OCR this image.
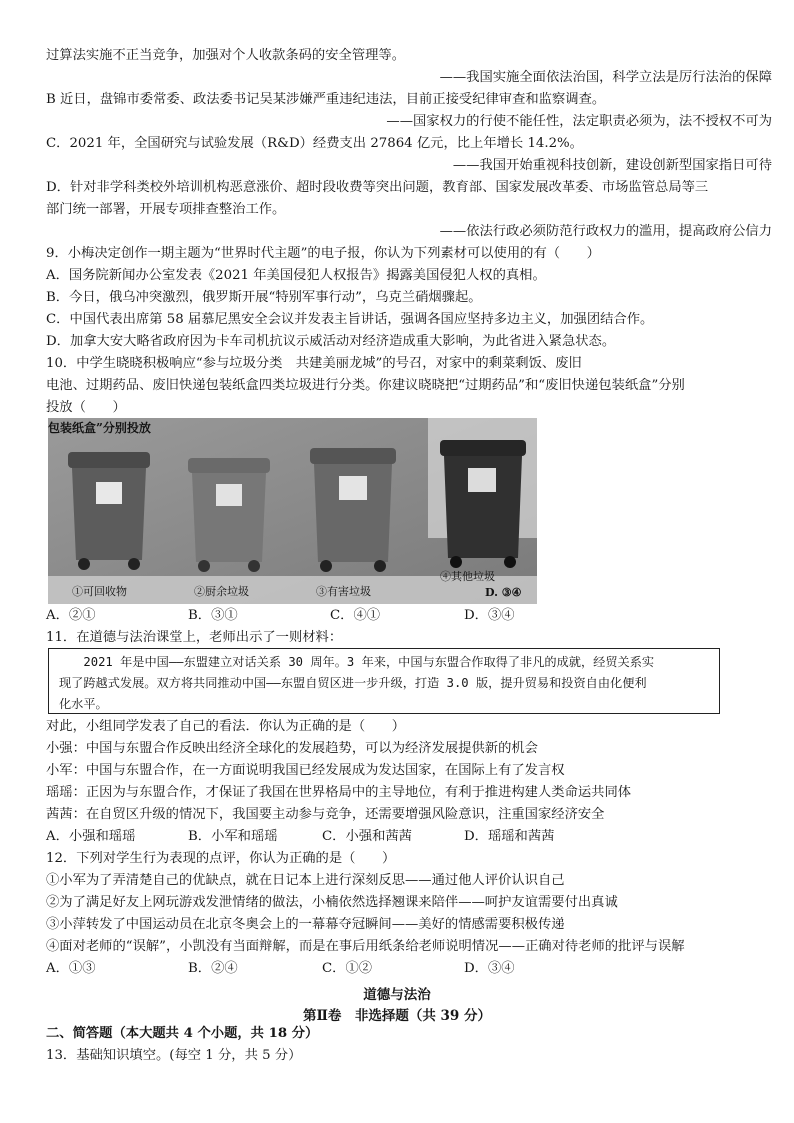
过算法实施不正当竞争，加强对个人收款条码的安全管理等。
——我国实施全面依法治国，科学立法是厉行法治的保障
B 近日，盘锦市委常委、政法委书记吴某涉嫌严重违纪违法，目前正接受纪律审查和监察调查。
——国家权力的行使不能任性，法定职责必须为，法不授权不可为
C．2021 年，全国研究与试验发展（R&D）经费支出 27864 亿元，比上年增长 14.2%。
——我国开始重视科技创新，建设创新型国家指日可待
D．针对非学科类校外培训机构恶意涨价、超时段收费等突出问题，教育部、国家发展改革委、市场监管总局等三
部门统一部署，开展专项排查整治工作。
——依法行政必须防范行政权力的滥用，提高政府公信力
9．小梅决定创作一期主题为“世界时代主题”的电子报，你认为下列素材可以使用的有（　　）
A．国务院新闻办公室发表《2021 年美国侵犯人权报告》揭露美国侵犯人权的真相。
B．今日，俄乌冲突激烈，俄罗斯开展“特别军事行动”，乌克兰硝烟骤起。
C．中国代表出席第 58 届慕尼黑安全会议并发表主旨讲话，强调各国应坚持多边主义，加强团结合作。
D．加拿大安大略省政府因为卡车司机抗议示威活动对经济造成重大影响，为此省进入紧急状态。
10．中学生晓晓积极响应“参与垃圾分类　共建美丽龙城”的号召，对家中的剩菜剩饭、废旧
电池、过期药品、废旧快递包装纸盒四类垃圾进行分类。你建议晓晓把“过期药品”和“废旧快递包装纸盒”分别
投放（　　）
包装纸盒”分别投放
①可回收物	②厨余垃圾	③有害垃圾
④其他垃圾
D. ③④
A．②①	B．③①	C．④①	D．③④
11．在道德与法治课堂上，老师出示了一则材料：

2021 年是中国——东盟建立对话关系 30 周年。3 年来，中国与东盟合作取得了非凡的成就，经贸关系实

现了跨越式发展。双方将共同推动中国——东盟自贸区进一步升级，打造 3.0 版，提升贸易和投资自由化便利

化水平。

对此，小组同学发表了自己的看法．你认为正确的是（　　）
小强：中国与东盟合作反映出经济全球化的发展趋势，可以为经济发展提供新的机会
小军：中国与东盟合作，在一方面说明我国已经发展成为发达国家，在国际上有了发言权
瑶瑶：正因为与东盟合作，才保证了我国在世界格局中的主导地位，有利于推进构建人类命运共同体
茜茜：在自贸区升级的情况下，我国要主动参与竞争，还需要增强风险意识，注重国家经济安全
A．小强和瑶瑶	B．小军和瑶瑶	C．小强和茜茜	D．瑶瑶和茜茜
12．下列对学生行为表现的点评，你认为正确的是（　　）
①小军为了弄清楚自己的优缺点，就在日记本上进行深刻反思——通过他人评价认识自己
②为了满足好友上网玩游戏发泄情绪的做法，小楠依然选择翘课来陪伴——呵护友谊需要付出真诚
③小萍转发了中国运动员在北京冬奥会上的一幕幕夺冠瞬间——美好的情感需要积极传递
④面对老师的“误解”，小凯没有当面辩解，而是在事后用纸条给老师说明情况——正确对待老师的批评与误解
A．①③	B．②④	C．①②	D．③④
道德与法治
第Ⅱ卷　非选择题（共 39 分）
二、简答题（本大题共 4 个小题，共 18 分）
13．基础知识填空。(每空 1 分，共 5 分）
